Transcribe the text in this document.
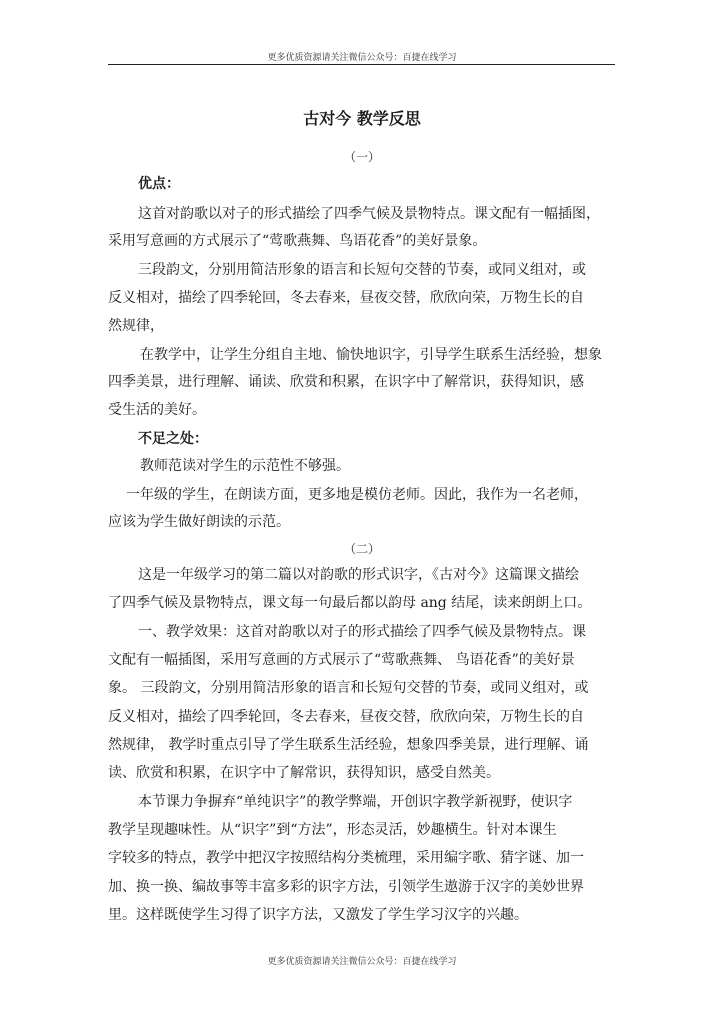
更多优质资源请关注微信公众号：百捷在线学习
古对今 教学反思
（一）
优点：
这首对韵歌以对子的形式描绘了四季气候及景物特点。课文配有一幅插图，
采用写意画的方式展示了“莺歌燕舞、鸟语花香”的美好景象。
三段韵文，分别用简洁形象的语言和长短句交替的节奏，或同义组对，或
反义相对，描绘了四季轮回，冬去春来，昼夜交替，欣欣向荣，万物生长的自
然规律，
在教学中，让学生分组自主地、愉快地识字，引导学生联系生活经验，想象
四季美景，进行理解、诵读、欣赏和积累，在识字中了解常识，获得知识，感
受生活的美好。
不足之处：
教师范读对学生的示范性不够强。
一年级的学生，在朗读方面，更多地是模仿老师。因此，我作为一名老师，
应该为学生做好朗读的示范。
（二）
这是一年级学习的第二篇以对韵歌的形式识字，《古对今》这篇课文描绘
了四季气候及景物特点，课文每一句最后都以韵母 ang 结尾，读来朗朗上口。
一、教学效果：这首对韵歌以对子的形式描绘了四季气候及景物特点。课
文配有一幅插图，采用写意画的方式展示了“莺歌燕舞、 鸟语花香”的美好景
象。 三段韵文，分别用简洁形象的语言和长短句交替的节奏，或同义组对，或
反义相对，描绘了四季轮回，冬去春来，昼夜交替，欣欣向荣，万物生长的自
然规律， 教学时重点引导了学生联系生活经验，想象四季美景，进行理解、诵
读、欣赏和积累，在识字中了解常识，获得知识，感受自然美。
本节课力争摒弃“单纯识字”的教学弊端，开创识字教学新视野，使识字
教学呈现趣味性。从“识字”到“方法”，形态灵活，妙趣横生。针对本课生
字较多的特点，教学中把汉字按照结构分类梳理，采用编字歌、猜字谜、加一
加、换一换、编故事等丰富多彩的识字方法，引领学生遨游于汉字的美妙世界
里。这样既使学生习得了识字方法，又激发了学生学习汉字的兴趣。
更多优质资源请关注微信公众号：百捷在线学习
